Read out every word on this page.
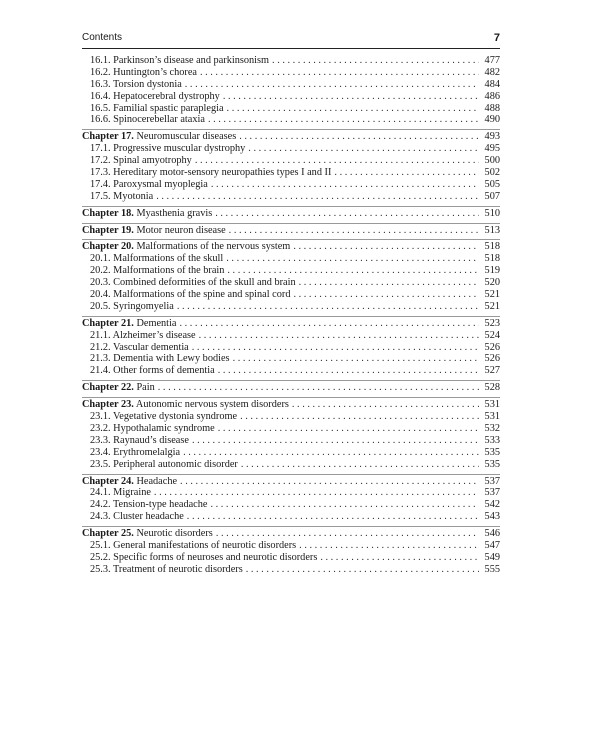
Contents	7
16.1. Parkinson’s disease and parkinsonism . . .	477
16.2. Huntington’s chorea . . .	482
16.3. Torsion dystonia . . .	484
16.4. Hepatocerebral dystrophy . . .	486
16.5. Familial spastic paraplegia . . .	488
16.6. Spinocerebellar ataxia . . .	490
Chapter 17. Neuromuscular diseases . . .	493
17.1. Progressive muscular dystrophy . . .	495
17.2. Spinal amyotrophy . . .	500
17.3. Hereditary motor-sensory neuropathies types I and II . . .	502
17.4. Paroxysmal myoplegia . . .	505
17.5. Myotonia . . .	507
Chapter 18. Myasthenia gravis . . .	510
Chapter 19. Motor neuron disease . . .	513
Chapter 20. Malformations of the nervous system . . .	518
20.1. Malformations of the skull . . .	518
20.2. Malformations of the brain . . .	519
20.3. Combined deformities of the skull and brain . . .	520
20.4. Malformations of the spine and spinal cord . . .	521
20.5. Syringomyelia . . .	521
Chapter 21. Dementia . . .	523
21.1. Alzheimer’s disease . . .	524
21.2. Vascular dementia . . .	526
21.3. Dementia with Lewy bodies . . .	526
21.4. Other forms of dementia . . .	527
Chapter 22. Pain . . .	528
Chapter 23. Autonomic nervous system disorders . . .	531
23.1. Vegetative dystonia syndrome . . .	531
23.2. Hypothalamic syndrome . . .	532
23.3. Raynaud’s disease . . .	533
23.4. Erythromelalgia . . .	535
23.5. Peripheral autonomic disorder . . .	535
Chapter 24. Headache . . .	537
24.1. Migraine . . .	537
24.2. Tension-type headache . . .	542
24.3. Cluster headache . . .	543
Chapter 25. Neurotic disorders . . .	546
25.1. General manifestations of neurotic disorders . . .	547
25.2. Specific forms of neuroses and neurotic disorders . . .	549
25.3. Treatment of neurotic disorders . . .	555
